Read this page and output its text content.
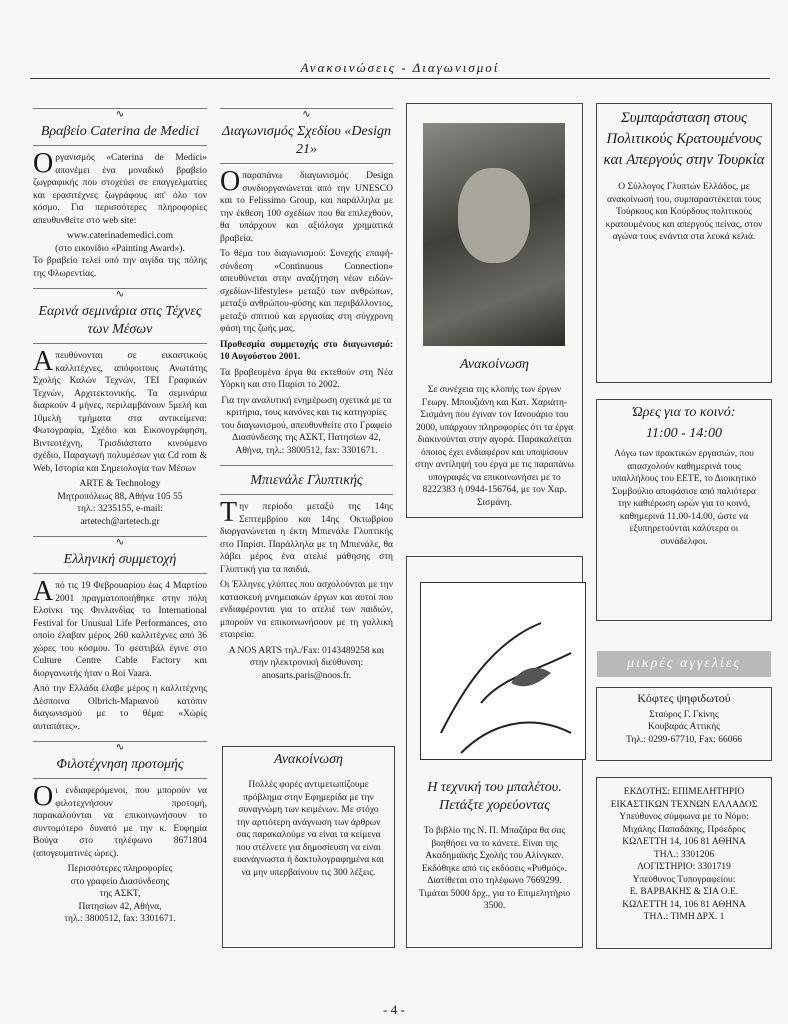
Ανακοινώσεις - Διαγωνισμοί
∿
Βραβείο Caterina de Medici

Οργανισμός «Caterina de Medici» απονέμει ένα μοναδικό βραβείο ζωγραφικής που στοχεύει σε επαγγελματίες και ερασιτέχνες ζωγράφους απ' όλο τον κόσμο. Για περισσότερες πληροφορίες απευθυνθείτε στο web site:

www.caterinademedici.com
(στο εικονίδιο «Painting Award»).

Το βραβείο τελεί υπό την αιγίδα της πόλης της Φλωρεντίας.

∿
Εαρινά σεμινάρια στις Τέχνες των Μέσων

Απευθύνονται σε εικαστικούς καλλιτέχνες, απόφοιτους Ανωτάτης Σχολής Καλών Τεχνών, ΤΕΙ Γραφικών Τεχνών, Αρχιτεκτονικής. Τα σεμινάρια διαρκούν 4 μήνες, περιλαμβάνουν 5μελή και 10μελή τμήματα στα αντικείμενα: Φωτογραφία, Σχέδιο και Εικονογράφηση, Βιντεοτέχνη, Τρισδιάστατο κινούμενο σχέδιο, Παραγωγή πολυμέσων για Cd rom & Web, Ιστορία και Σημειολογία των Μέσων

ARTE & Technology
Μητροπόλεως 88, Αθήνα 105 55
τηλ.: 3235155, e-mail:
artetech@artetech.gr
∿
Ελληνική συμμετοχή

Από τις 19 Φεβρουαρίου έως 4 Μαρτίου 2001 πραγματοποιήθηκε στην πόλη Ελσίνκι της Φινλανδίας το International Festival for Unusual Life Performances, στο οποίο έλαβαν μέρος 260 καλλιτέχνες από 36 χώρες του κόσμου. Το φεστιβάλ έγινε στο Culture Centre Cable Factory και διοργανωτής ήταν ο Roi Vaara.

Από την Ελλάδα έλαβε μέρος η καλλιτέχνης Δέσποινα Olbrich-Mapιανού κατόπιν διαγωνισμού με το θέμα: «Χώρίς αυταπάτες».

∿
Φιλοτέχνηση προτομής

Οι ενδιαφερόμενοι, που μπορούν να φιλοτεχνήσουν προτομή, παρακαλούνται να επικοινωνήσουν το συντομότερο δυνατό με την κ. Ευφημία Βούγα στο τηλέφωνο 8671804 (απογευματινές ώρες).

Περισσότερες πληροφορίες
στο γραφείο Διασύνδεσης
της ΑΣΚΤ,
Πατησίων 42, Αθήνα,
τηλ.: 3800512, fax: 3301671.
∿
Διαγωνισμός Σχεδίου «Design 21»

Οπαραπάνω διαγωνισμός Design συνδιοργανώνεται από την UNESCO και το Felissimo Group, και παράλληλα με την έκθεση 100 σχεδίων που θα επιλεχθούν, θα υπάρχουν και αξιόλογα χρηματικά βραβεία.

Το θέμα του διαγωνισμού: Συνεχής επαφή-σύνδεση «Continuous Connection» απευθύνεται στην αναζήτηση νέων ειδών-σχεδίων-lifestyles» μεταξύ των ανθρώπων, μεταξύ ανθρώπου-φύσης και περιβάλλοντος, μεταξύ σπιτιού και εργασίας στη σύγχρονη φάση της ζωής μας.

Προθεσμία συμμετοχής στο διαγωνισμό: 10 Αυγούστου 2001.

Τα βραβευμένα έργα θα εκτεθούν στη Νέα Υόρκη και στο Παρίσι το 2002.

Για την αναλυτική ενημέρωση σχετικά με τα κριτήρια, τους κανόνες και τις κατηγορίες του διαγωνισμού, απευθυνθείτε στο Γραφείο Διασύνδεσης της ΑΣΚΤ, Πατησίων 42, Αθήνα, τηλ.: 3800512, fax: 3301671.

Μπιενάλε Γλυπτικής

Την περίοδο μεταξύ της 14ης Σεπτεμβρίου και 14ης Οκτωβρίου διοργανώνεται η έκτη Μπιενάλε Γλυπτικής στο Παρίσι. Παράλληλα με τη Μπιενάλε, θα λάβει μέρος ένα ατελιέ μάθησης στη Γλυπτική για τα παιδιά.

Οι Έλληνες γλύπτες που ασχολούνται με την κατασκευή μνημειακών έργων και αυτοί που ενδιαφέρονται για το ατελιέ των παιδιών, μπορούν να επικοινωνήσουν με τη γαλλική εταιρεία:

A NOS ARTS τηλ./Fax: 0143489258 και στην ηλεκτρονική διεύθυνση: anosarts.paris@noos.fr.

Ανακοίνωση
Πολλές φορές αντιμετωπίζουμε πρόβλημα στην Εφημερίδα με την συναγνώμη των κειμένων. Με στόχο την αρτιότερη ανάγνωση των άρθρων σας παρακαλούμε να είναι τα κείμενα που στέλνετε για δημοσίευση να είναι ευανάγνωστα ή δακτυλογραφημένα και να μην υπερβαίνουν τις 300 λέξεις.
Ανακοίνωση
Σε συνέχεια της κλοπής των έργων Γεωργ. Μπουζιάνη και Κατ. Χαριάτη-Σισμάνη που έγιναν τον Ιανουάριο του 2000, υπάρχουν πληροφορίες ότι τα έργα διακινούνται στην αγορά. Παρακαλείται όποιος έχει ενδιαφέρον και υποψίσουν στην αντίληψή του έργα με τις παραπάνω υπογραφές να επικοινωνήσει με το 8222383 ή 0944-156764, με τον Χαρ. Σισμάνη.
Η τεχνική του μπαλέτου. Πετάξτε χορεύοντας
Το βιβλίο της Ν. Π. Μπαζάρα θα σας βοηθήσει να το κάνετε. Είναι της Ακαδημαϊκής Σχολής του Αλίνγκαν. Εκδόθηκε από τις εκδόσεις «Ρυθμός». Διατίθεται στο τηλέφωνο 7669299. Τιμάται 5000 δρχ., για το Επιμελητήριο 3500.
Συμπαράσταση στους Πολιτικούς Κρατουμένους και Απεργούς στην Τουρκία
Ο Σύλλογος Γλυπτών Ελλάδος, με ανακοίνωσή του, συμπαραστέκεται τους Τούρκους και Κούρδους πολιτικούς κρατουμένους και απεργούς πείνας, στον αγώνα τους ενάντια στα λευκά κελιά.
Ώρες για το κοινό:
11:00 - 14:00
Λόγω των πρακτικών εργασιών, που απασχολούν καθημερινά τους υπαλλήλους του ΕΕΤΕ, το Διοικητικό Συμβούλιο αποφάσισε από παλιότερα την καθιέρωση ωρών για το κοινό, καθημερινά 11.00-14.00, ώστε να εξυπηρετούνται καλύτερα οι συνάδελφοι.
μικρές αγγελίες
Κόφτες ψηφιδωτού
Σταύρος Γ. Γκίνης
Κουβαράς Αττικής
Τηλ.: 0299-67710, Fax: 66066
ΕΚΔΟΤΗΣ: ΕΠΙΜΕΛΗΤΗΡΙΟ ΕΙΚΑΣΤΙΚΩΝ ΤΕΧΝΩΝ ΕΛΛΑΔΟΣ
Υπεύθυνος σύμφωνα με το Νόμο:
Μιχάλης Παπαδάκης, Πρόεδρος
ΚΩΛΕΤΤΗ 14, 106 81 ΑΘΗΝΑ
ΤΗΛ.: 3301206
ΛΟΓΙΣΤΗΡΙΟ: 3301719
Υπεύθυνος Τυπογραφείου:
Ε. ΒΑΡΒΑΚΗΣ & ΣΙΑ Ο.Ε.
ΚΩΛΕΤΤΗ 14, 106 81 ΑΘΗΝΑ
ΤΗΛ.: ΤΙΜΗ ΔΡΧ. 1
- 4 -
